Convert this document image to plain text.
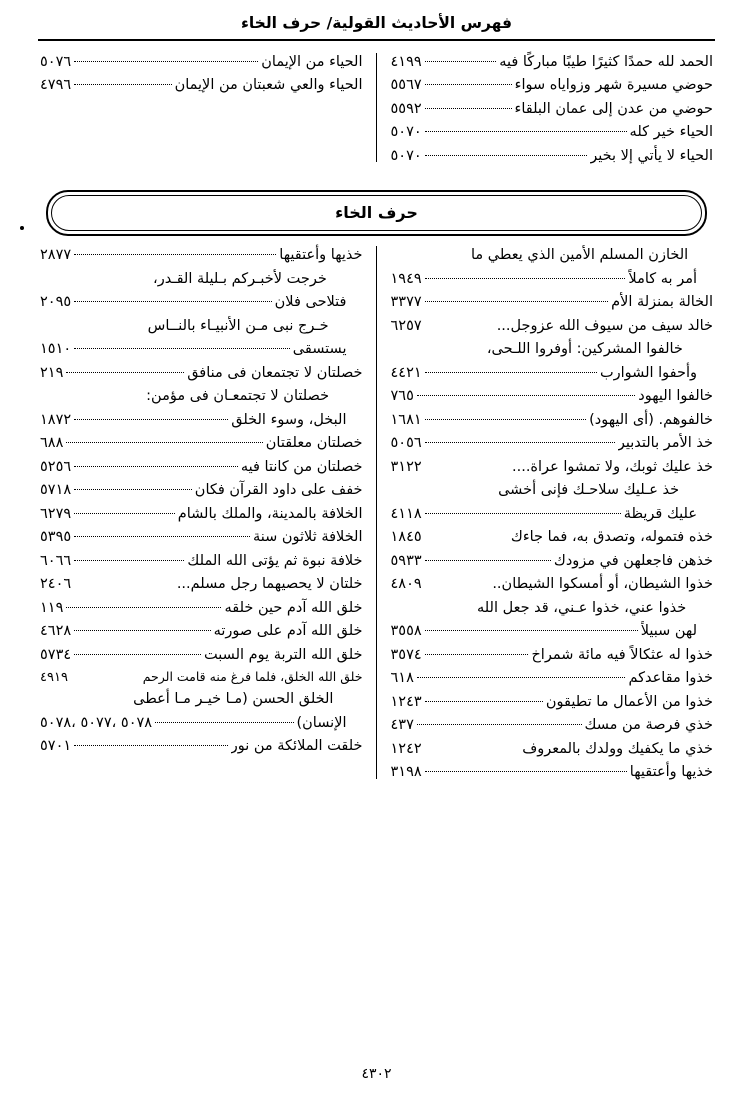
فهرس الأحاديث القولية/ حرف الخاء
الحمد لله حمدًا كثيرًا طيبًا مباركًا فيه
٤١٩٩
حوضي مسيرة شهر وزواياه سواء
٥٥٦٧
حوضي من عدن إلى عمان البلقاء
٥٥٩٢
الحياء خير كله
٥٠٧٠
الحياء لا يأتي إلا بخير
٥٠٧٠
الحياء من الإيمان
٥٠٧٦
الحياء والعي شعبتان من الإيمان
٤٧٩٦
حرف الخاء
الخازن المسلم الأمين الذي يعطي ما
أمر به كاملاً
١٩٤٩
الخالة بمنزلة الأم
٣٣٧٧
خالد سيف من سيوف الله عزوجل...
٦٢٥٧
خالفوا المشركين: أوفروا اللـحى،
وأحفوا الشوارب
٤٤٢١
خالفوا اليهود
٧٦٥
خالفوهم. (أى اليهود)
١٦٨١
خذ الأمر بالتدبير
٥٠٥٦
خذ عليك ثوبك، ولا تمشوا عراة....
٣١٢٢
خذ عـليك سلاحـك فإنى أخشى
عليك قريظة
٤١١٨
خذه فتموله، وتصدق به، فما جاءك
١٨٤٥
خذهن فاجعلهن في مزودك
٥٩٣٣
خذوا الشيطان، أو أمسكوا الشيطان..
٤٨٠٩
خذوا عني، خذوا عـني، قد جعل الله
لهن سبيلاً
٣٥٥٨
خذوا له عثكالاً فيه مائة شمراخ
٣٥٧٤
خذوا مقاعدكم
٦١٨
خذوا من الأعمال ما تطيقون
١٢٤٣
خذي فرصة من مسك
٤٣٧
خذي ما يكفيك وولدك بالمعروف
١٢٤٢
خذيها وأعتقيها
٣١٩٨
خذيها وأعتقيها
٢٨٧٧
خرجت لأخبـركم بـليلة القـدر،
فتلاحى فلان
٢٠٩٥
خـرج نبى مـن الأنبيـاء بالنــاس
يستسقى
١٥١٠
خصلتان لا تجتمعان فى منافق
٢١٩
خصلتان لا تجتمعـان فى مؤمن:
البخل، وسوء الخلق
١٨٧٢
خصلتان معلقتان
٦٨٨
خصلتان من كانتا فيه
٥٢٥٦
خفف على داود القرآن فكان
٥٧١٨
الخلافة بالمدينة، والملك بالشام
٦٢٧٩
الخلافة ثلاثون سنة
٥٣٩٥
خلافة نبوة ثم يؤتى الله الملك
٦٠٦٦
خلتان لا يحصيهما رجل مسلم...
٢٤٠٦
خلق الله آدم حين خلقه
١١٩
خلق الله آدم على صورته
٤٦٢٨
خلق الله التربة يوم السبت
٥٧٣٤
خلق الله الخلق، فلما فرغ منه قامت الرحم
٤٩١٩
الخلق الحسن (مـا خيـر مـا أعطى
الإنسان)
٥٠٧٨ ،٥٠٧٧ ،٥٠٧٨
خلقت الملائكة من نور
٥٧٠١
٤٣٠٢
